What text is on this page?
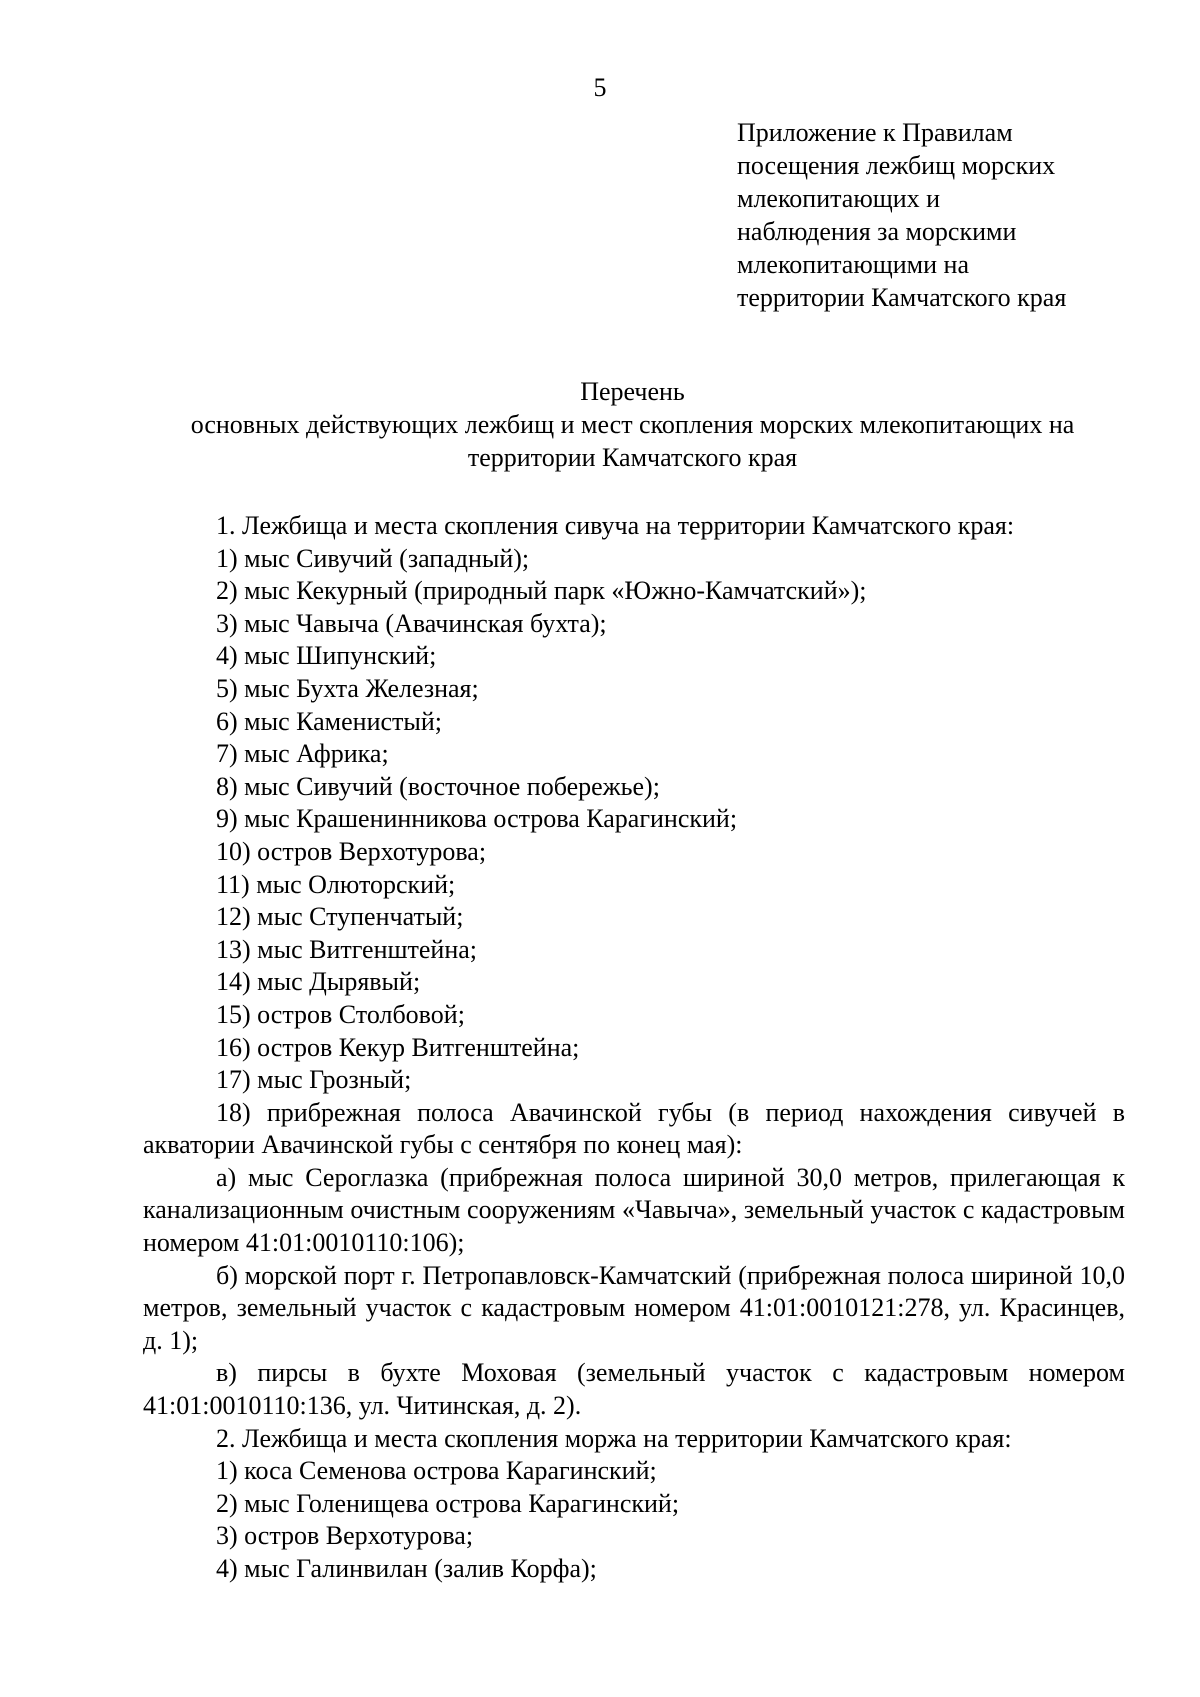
5
Приложение к Правилам
посещения лежбищ морских
млекопитающих и
наблюдения за морскими
млекопитающими на
территории Камчатского края
Перечень
основных действующих лежбищ и мест скопления морских млекопитающих на
территории Камчатского края

1. Лежбища и места скопления сивуча на территории Камчатского края:

1) мыс Сивучий (западный);

2) мыс Кекурный (природный парк «Южно-Камчатский»);

3) мыс Чавыча (Авачинская бухта);

4) мыс Шипунский;

5) мыс Бухта Железная;

6) мыс Каменистый;

7) мыс Африка;

8) мыс Сивучий (восточное побережье);

9) мыс Крашенинникова острова Карагинский;

10) остров Верхотурова;

11) мыс Олюторский;

12) мыс Ступенчатый;

13) мыс Витгенштейна;

14) мыс Дырявый;

15) остров Столбовой;

16) остров Кекур Витгенштейна;

17) мыс Грозный;

18) прибрежная полоса Авачинской губы (в период нахождения сивучей в акватории Авачинской губы с сентября по конец мая):

а) мыс Сероглазка (прибрежная полоса шириной 30,0 метров, прилегающая к канализационным очистным сооружениям «Чавыча», земельный участок с кадастровым номером 41:01:0010110:106);

б) морской порт г. Петропавловск-Камчатский (прибрежная полоса шириной 10,0 метров, земельный участок с кадастровым номером 41:01:0010121:278, ул. Красинцев, д. 1);

в) пирсы в бухте Моховая (земельный участок с кадастровым номером 41:01:0010110:136, ул. Читинская, д. 2).

2. Лежбища и места скопления моржа на территории Камчатского края:

1) коса Семенова острова Карагинский;

2) мыс Голенищева острова Карагинский;

3) остров Верхотурова;

4) мыс Галинвилан (залив Корфа);
